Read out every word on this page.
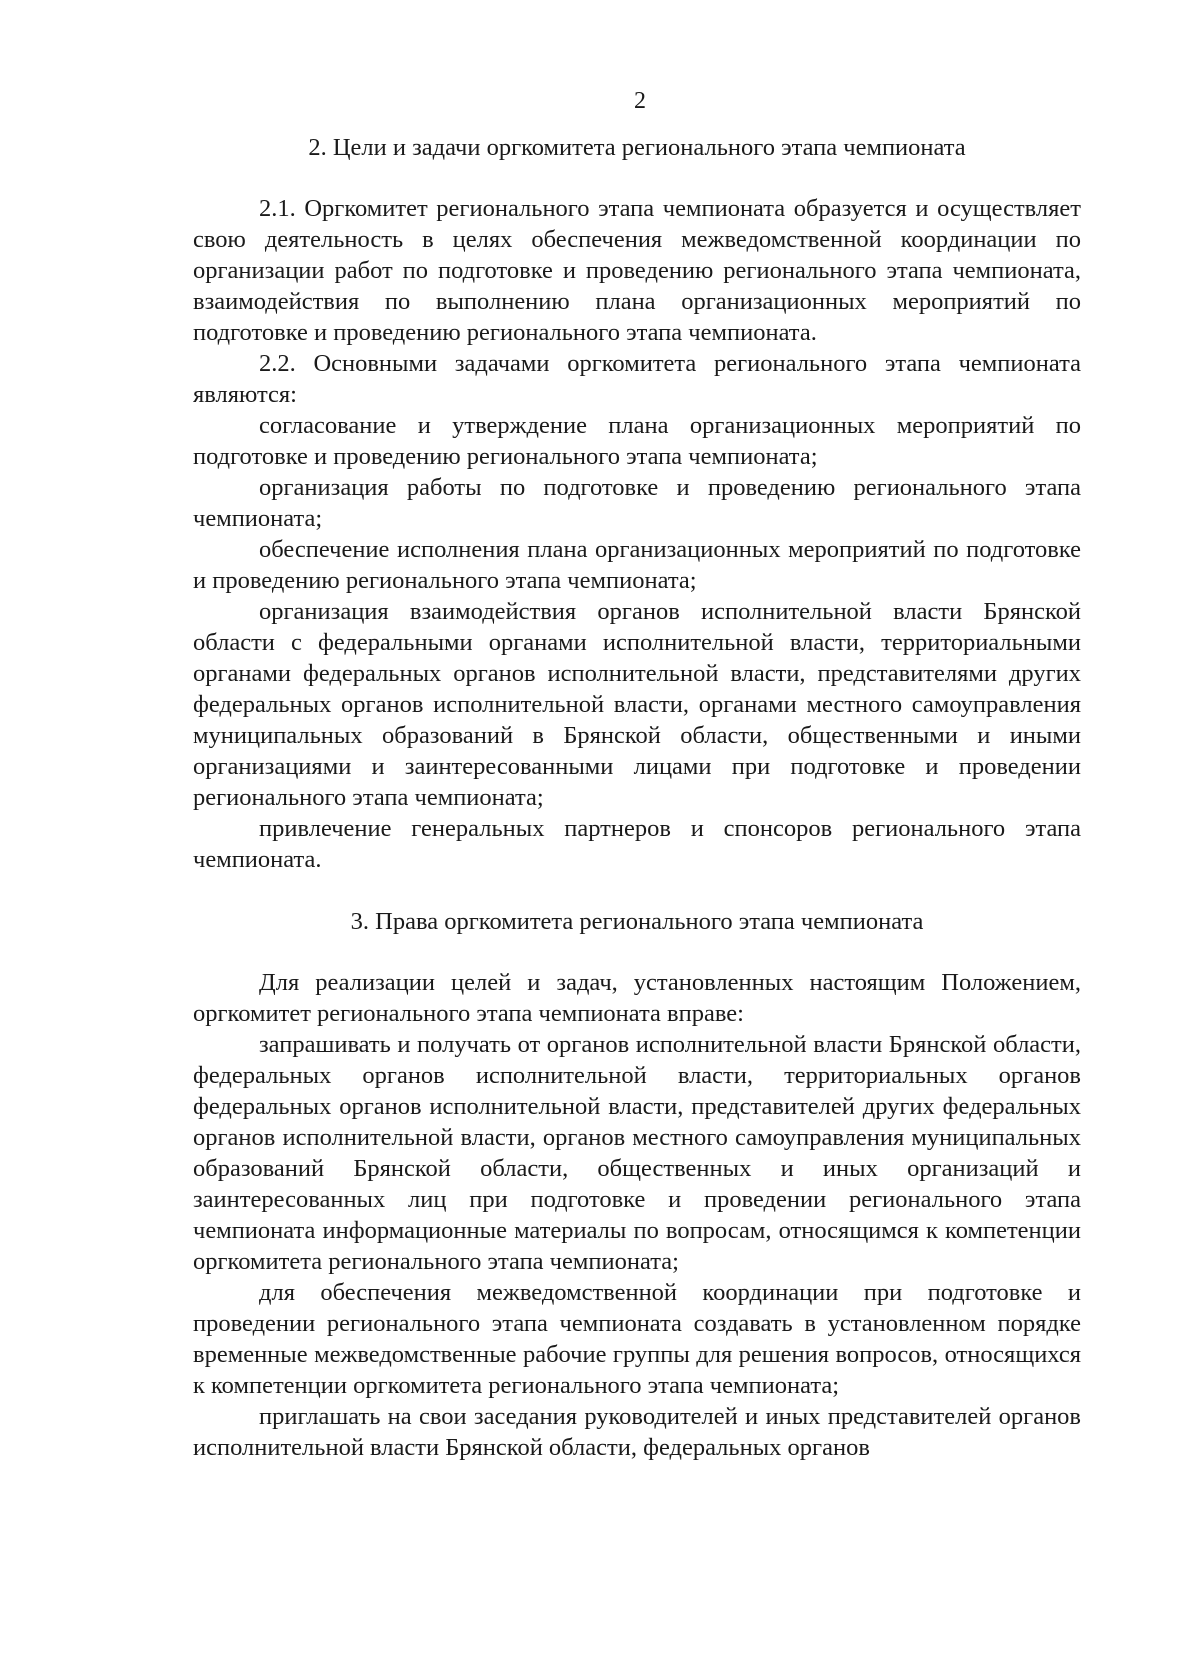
2

2. Цели и задачи оргкомитета регионального этапа чемпионата

2.1. Оргкомитет регионального этапа чемпионата образуется и осуществляет свою деятельность в целях обеспечения межведомственной координации по организации работ по подготовке и проведению регионального этапа чемпионата, взаимодействия по выполнению плана организационных мероприятий по подготовке и проведению регионального этапа чемпионата.

2.2. Основными задачами оргкомитета регионального этапа чемпионата являются:

согласование и утверждение плана организационных мероприятий по подготовке и проведению регионального этапа чемпионата;

организация работы по подготовке и проведению регионального этапа чемпионата;

обеспечение исполнения плана организационных мероприятий по подготовке и проведению регионального этапа чемпионата;

организация взаимодействия органов исполнительной власти Брянской области с федеральными органами исполнительной власти, территориальными органами федеральных органов исполнительной власти, представителями других федеральных органов исполнительной власти, органами местного самоуправления муниципальных образований в Брянской области, общественными и иными организациями и заинтересованными лицами при подготовке и проведении регионального этапа чемпионата;

привлечение генеральных партнеров и спонсоров регионального этапа чемпионата.

3. Права оргкомитета регионального этапа чемпионата

Для реализации целей и задач, установленных настоящим Положением, оргкомитет регионального этапа чемпионата вправе:

запрашивать и получать от органов исполнительной власти Брянской области, федеральных органов исполнительной власти, территориальных органов федеральных органов исполнительной власти, представителей других федеральных органов исполнительной власти, органов местного самоуправления муниципальных образований Брянской области, общественных и иных организаций и заинтересованных лиц при подготовке и проведении регионального этапа чемпионата информационные материалы по вопросам, относящимся к компетенции оргкомитета регионального этапа чемпионата;

для обеспечения межведомственной координации при подготовке и проведении регионального этапа чемпионата создавать в установленном порядке временные межведомственные рабочие группы для решения вопросов, относящихся к компетенции оргкомитета регионального этапа чемпионата;

приглашать на свои заседания руководителей и иных представителей органов исполнительной власти Брянской области, федеральных органов
